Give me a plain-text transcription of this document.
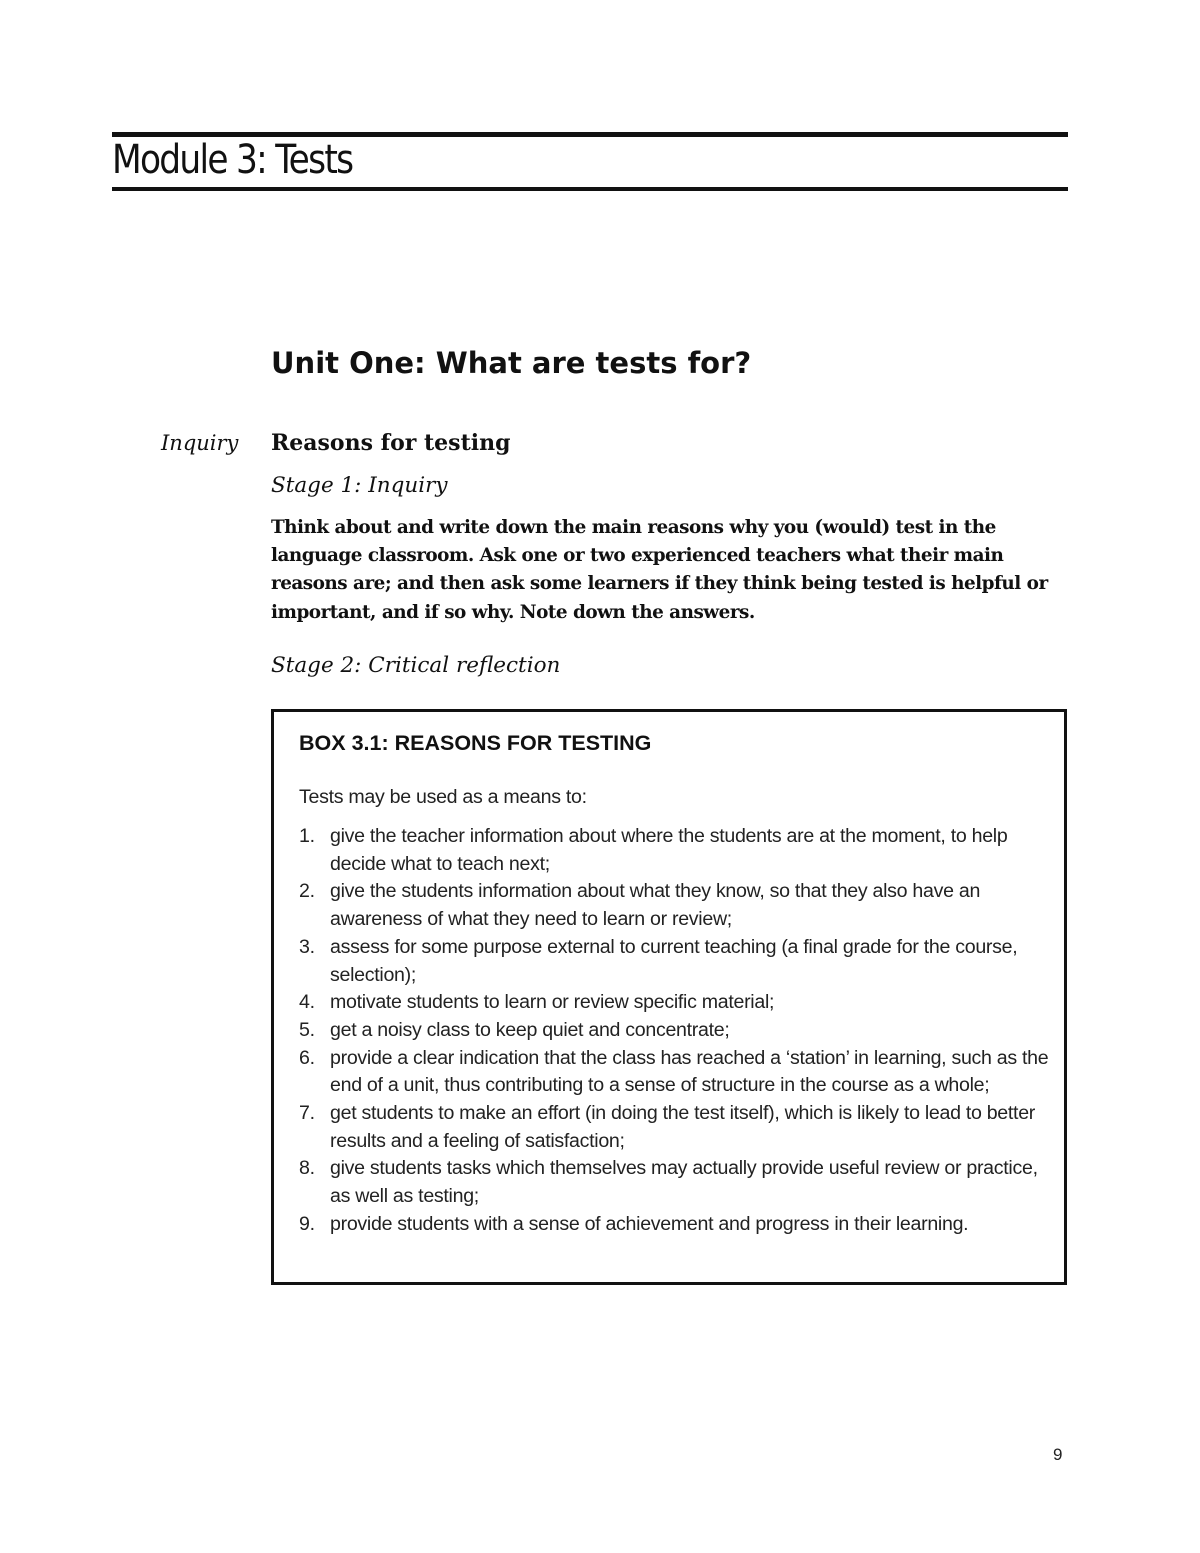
Module 3: Tests
Unit One: What are tests for?
Inquiry Reasons for testing
Stage 1: Inquiry

Think about and write down the main reasons why you (would) test in the language classroom. Ask one or two experienced teachers what their main reasons are; and then ask some learners if they think being tested is helpful or important, and if so why. Note down the answers.

Stage 2: Critical reflection
BOX 3.1: REASONS FOR TESTING

Tests may be used as a means to:

1. give the teacher information about where the students are at the moment, to help decide what to teach next;
2. give the students information about what they know, so that they also have an awareness of what they need to learn or review;
3. assess for some purpose external to current teaching (a final grade for the course, selection);
4. motivate students to learn or review specific material;
5. get a noisy class to keep quiet and concentrate;
6. provide a clear indication that the class has reached a ‘station’ in learning, such as the end of a unit, thus contributing to a sense of structure in the course as a whole;
7. get students to make an effort (in doing the test itself), which is likely to lead to better results and a feeling of satisfaction;
8. give students tasks which themselves may actually provide useful review or practice, as well as testing;
9. provide students with a sense of achievement and progress in their learning.
9
